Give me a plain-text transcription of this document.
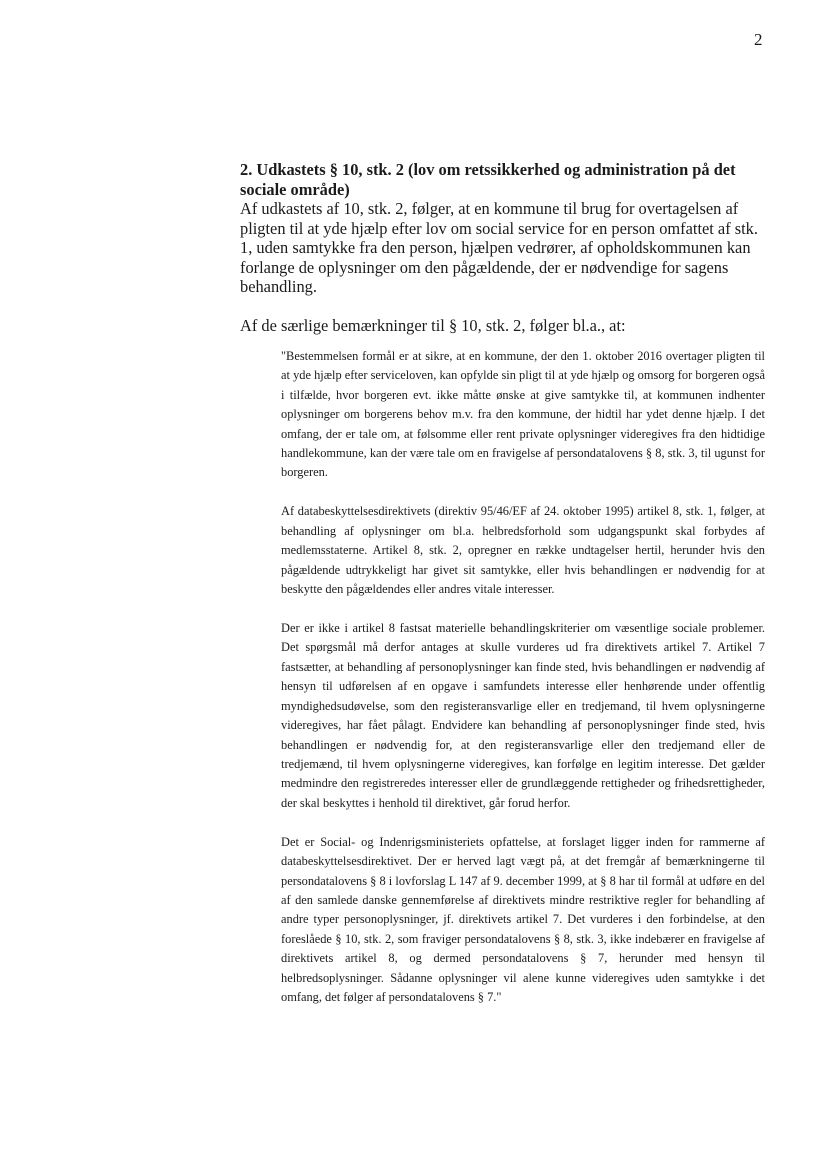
2

2. Udkastets § 10, stk. 2 (lov om retssikkerhed og administration på det sociale område)

Af udkastets af 10, stk. 2, følger, at en kommune til brug for overtagelsen af pligten til at yde hjælp efter lov om social service for en person omfattet af stk. 1, uden samtykke fra den person, hjælpen vedrører, af opholdskommunen kan forlange de oplysninger om den pågældende, der er nødvendige for sagens behandling.

Af de særlige bemærkninger til § 10, stk. 2, følger bl.a., at:

"Bestemmelsen formål er at sikre, at en kommune, der den 1. oktober 2016 overtager pligten til at yde hjælp efter serviceloven, kan opfylde sin pligt til at yde hjælp og omsorg for borgeren også i tilfælde, hvor borgeren evt. ikke måtte ønske at give samtykke til, at kommunen indhenter oplysninger om borgerens behov m.v. fra den kommune, der hidtil har ydet denne hjælp. I det omfang, der er tale om, at følsomme eller rent private oplysninger videregives fra den hidtidige handlekommune, kan der være tale om en fravigelse af persondatalovens § 8, stk. 3, til ugunst for borgeren.

Af databeskyttelsesdirektivets (direktiv 95/46/EF af 24. oktober 1995) artikel 8, stk. 1, følger, at behandling af oplysninger om bl.a. helbredsforhold som udgangspunkt skal forbydes af medlemsstaterne. Artikel 8, stk. 2, opregner en række undtagelser hertil, herunder hvis den pågældende udtrykkeligt har givet sit samtykke, eller hvis behandlingen er nødvendig for at beskytte den pågældendes eller andres vitale interesser.

Der er ikke i artikel 8 fastsat materielle behandlingskriterier om væsentlige sociale problemer. Det spørgsmål må derfor antages at skulle vurderes ud fra direktivets artikel 7. Artikel 7 fastsætter, at behandling af personoplysninger kan finde sted, hvis behandlingen er nødvendig af hensyn til udførelsen af en opgave i samfundets interesse eller henhørende under offentlig myndighedsudøvelse, som den registeransvarlige eller en tredjemand, til hvem oplysningerne videregives, har fået pålagt. Endvidere kan behandling af personoplysninger finde sted, hvis behandlingen er nødvendig for, at den registeransvarlige eller den tredjemand eller de tredjemænd, til hvem oplysningerne videregives, kan forfølge en legitim interesse. Det gælder medmindre den registreredes interesser eller de grundlæggende rettigheder og frihedsrettigheder, der skal beskyttes i henhold til direktivet, går forud herfor.

Det er Social- og Indenrigsministeriets opfattelse, at forslaget ligger inden for rammerne af databeskyttelsesdirektivet. Der er herved lagt vægt på, at det fremgår af bemærkningerne til persondatalovens § 8 i lovforslag L 147 af 9. december 1999, at § 8 har til formål at udføre en del af den samlede danske gennemførelse af direktivets mindre restriktive regler for behandling af andre typer personoplysninger, jf. direktivets artikel 7. Det vurderes i den forbindelse, at den foreslåede § 10, stk. 2, som fraviger persondatalovens § 8, stk. 3, ikke indebærer en fravigelse af direktivets artikel 8, og dermed persondatalovens § 7, herunder med hensyn til helbredsoplysninger. Sådanne oplysninger vil alene kunne videregives uden samtykke i det omfang, det følger af persondatalovens § 7."
